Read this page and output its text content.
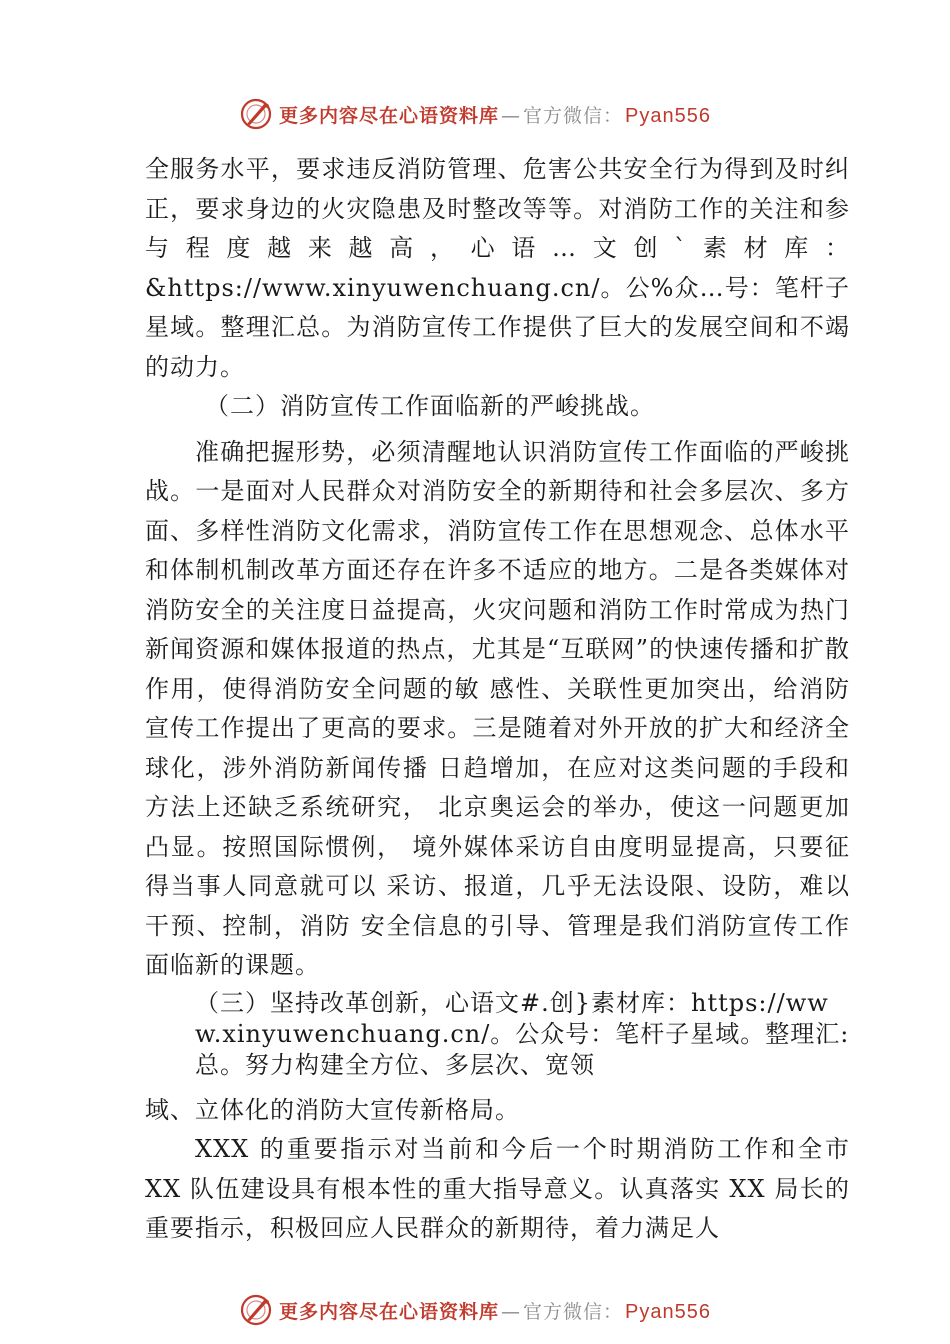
更多内容尽在心语资料库 — 官方微信： Pyan556

全服务水平，要求违反消防管理、危害公共安全行为得到及时纠正，要求身边的火灾隐患及时整改等等。对消防工作的关注和参与程度越来越高，心语…文创`素材库：&https://www.xinyuwenchuang.cn/。公%众…号：笔杆子星域。整理汇总。为消防宣传工作提供了巨大的发展空间和不竭的动力。

（二）消防宣传工作面临新的严峻挑战。

准确把握形势，必须清醒地认识消防宣传工作面临的严峻挑战。一是面对人民群众对消防安全的新期待和社会多层次、多方面、多样性消防文化需求，消防宣传工作在思想观念、总体水平和体制机制改革方面还存在许多不适应的地方。二是各类媒体对消防安全的关注度日益提高，火灾问题和消防工作时常成为热门新闻资源和媒体报道的热点，尤其是“互联网”的快速传播和扩散作用，使得消防安全问题的敏 感性、关联性更加突出，给消防宣传工作提出了更高的要求。三是随着对外开放的扩大和经济全球化，涉外消防新闻传播 日趋增加，在应对这类问题的手段和方法上还缺乏系统研究， 北京奥运会的举办，使这一问题更加凸显。按照国际惯例， 境外媒体采访自由度明显提高，只要征得当事人同意就可以 采访、报道，几乎无法设限、设防，难以干预、控制，消防 安全信息的引导、管理是我们消防宣传工作面临新的课题。

（三）坚持改革创新，心语文#.创}素材库：https://www.xinyuwenchuang.cn/。公众号：笔杆子星域。整理汇:总。努力构建全方位、多层次、宽领

域、立体化的消防大宣传新格局。

XXX 的重要指示对当前和今后一个时期消防工作和全市 XX 队伍建设具有根本性的重大指导意义。认真落实 XX 局长的重要指示，积极回应人民群众的新期待，着力满足人

更多内容尽在心语资料库 — 官方微信： Pyan556
